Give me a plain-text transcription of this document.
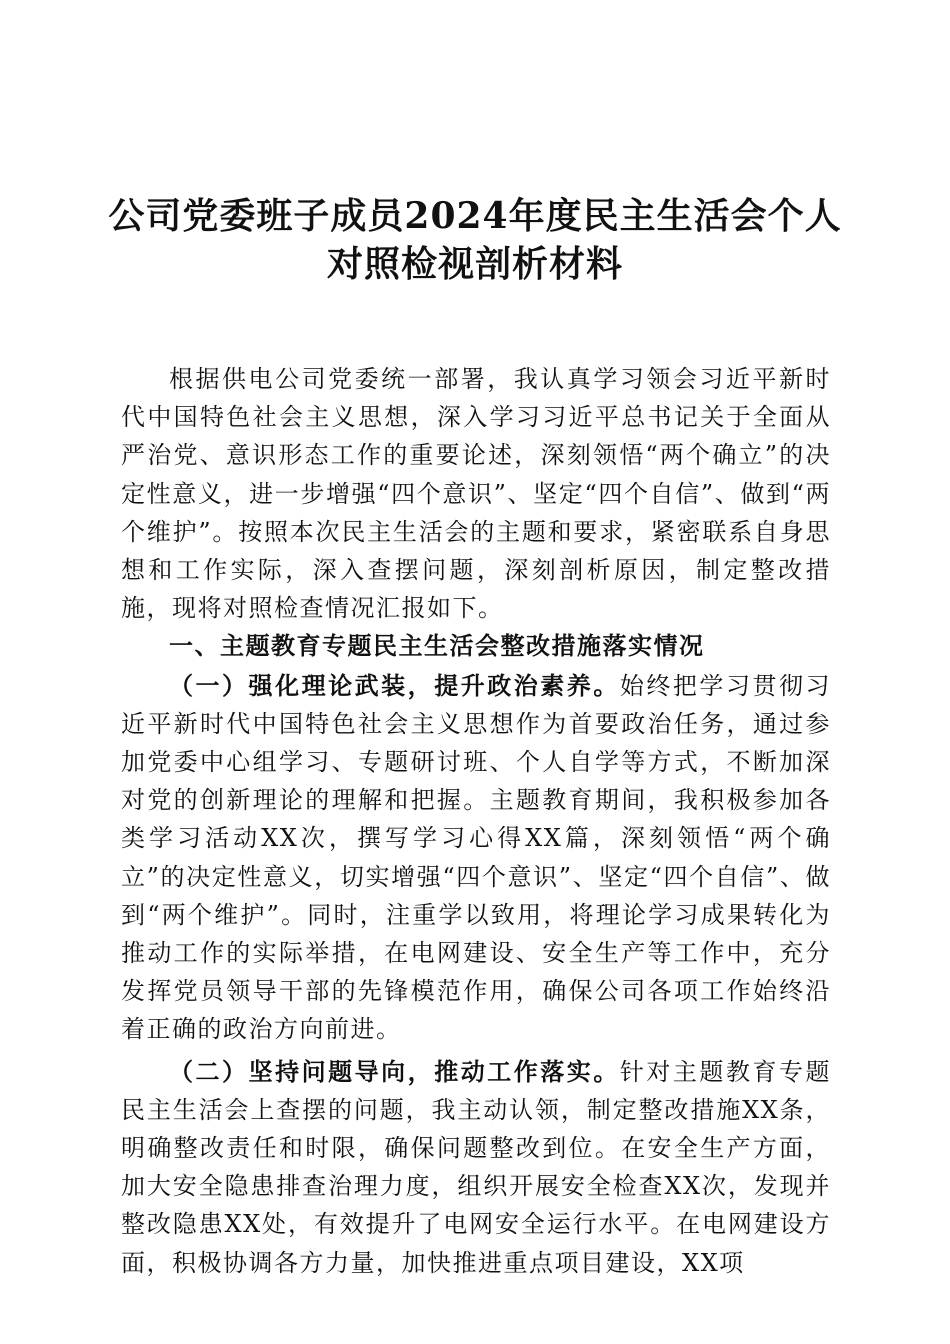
公司党委班子成员2024年度民主生活会个人
对照检视剖析材料

根据供电公司党委统一部署，我认真学习领会习近平新时代中国特色社会主义思想，深入学习习近平总书记关于全面从严治党、意识形态工作的重要论述，深刻领悟“两个确立”的决定性意义，进一步增强“四个意识”、坚定“四个自信”、做到“两个维护”。按照本次民主生活会的主题和要求，紧密联系自身思想和工作实际，深入查摆问题，深刻剖析原因，制定整改措施，现将对照检查情况汇报如下。

一、主题教育专题民主生活会整改措施落实情况

（一）强化理论武装，提升政治素养。始终把学习贯彻习近平新时代中国特色社会主义思想作为首要政治任务，通过参加党委中心组学习、专题研讨班、个人自学等方式，不断加深对党的创新理论的理解和把握。主题教育期间，我积极参加各类学习活动XX次，撰写学习心得XX篇，深刻领悟“两个确立”的决定性意义，切实增强“四个意识”、坚定“四个自信”、做到“两个维护”。同时，注重学以致用，将理论学习成果转化为推动工作的实际举措，在电网建设、安全生产等工作中，充分发挥党员领导干部的先锋模范作用，确保公司各项工作始终沿着正确的政治方向前进。

（二）坚持问题导向，推动工作落实。针对主题教育专题民主生活会上查摆的问题，我主动认领，制定整改措施XX条，明确整改责任和时限，确保问题整改到位。在安全生产方面，加大安全隐患排查治理力度，组织开展安全检查XX次，发现并整改隐患XX处，有效提升了电网安全运行水平。在电网建设方面，积极协调各方力量，加快推进重点项目建设，XX项
